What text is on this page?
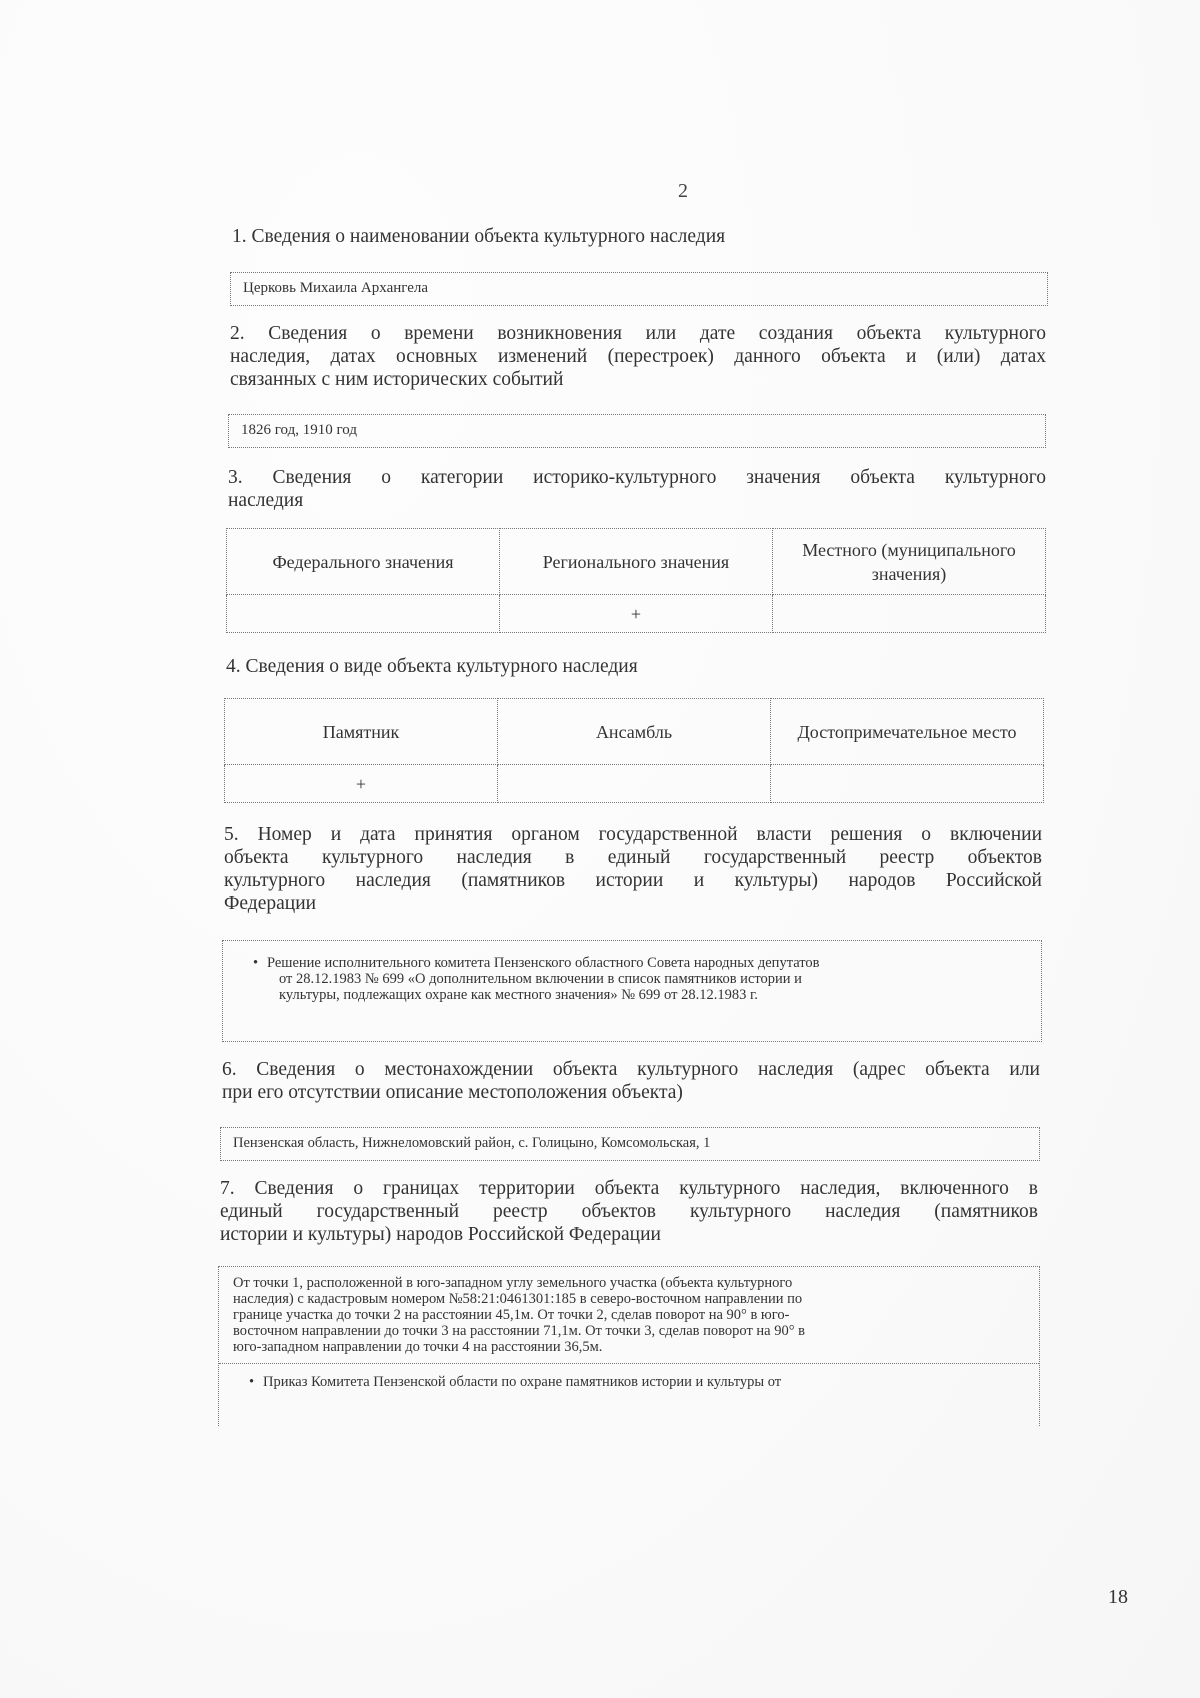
2
1. Сведения о наименовании объекта культурного наследия
Церковь Михаила Архангела
2. Сведения о времени возникновения или дате создания объекта культурного
наследия, датах основных изменений (перестроек) данного объекта и (или) датах
связанных с ним исторических событий
1826 год, 1910 год
3. Сведения о категории историко-культурного значения объекта культурного
наследия
Федерального значения	Регионального значения	Местного (муниципального значения)
	+	
4. Сведения о виде объекта культурного наследия
Памятник	Ансамбль	Достопримечательное место
+		
5. Номер и дата принятия органом государственной власти решения о включении
объекта культурного наследия в единый государственный реестр объектов
культурного наследия (памятников истории и культуры) народов Российской
Федерации
• Решение исполнительного комитета Пензенского областного Совета народных депутатов
от 28.12.1983 № 699 «О дополнительном включении в список памятников истории и
культуры, подлежащих охране как местного значения» № 699 от 28.12.1983 г.
6. Сведения о местонахождении объекта культурного наследия (адрес объекта или
при его отсутствии описание местоположения объекта)
Пензенская область, Нижнеломовский район, с. Голицыно, Комсомольская, 1
7. Сведения о границах территории объекта культурного наследия, включенного в
единый государственный реестр объектов культурного наследия (памятников
истории и культуры) народов Российской Федерации
От точки 1, расположенной в юго-западном углу земельного участка (объекта культурного
наследия) с кадастровым номером №58:21:0461301:185 в северо-восточном направлении по
границе участка до точки 2 на расстоянии 45,1м. От точки 2, сделав поворот на 90° в юго-
восточном направлении до точки 3 на расстоянии 71,1м. От точки 3, сделав поворот на 90° в
юго-западном направлении до точки 4 на расстоянии 36,5м.
• Приказ Комитета Пензенской области по охране памятников истории и культуры от
18
